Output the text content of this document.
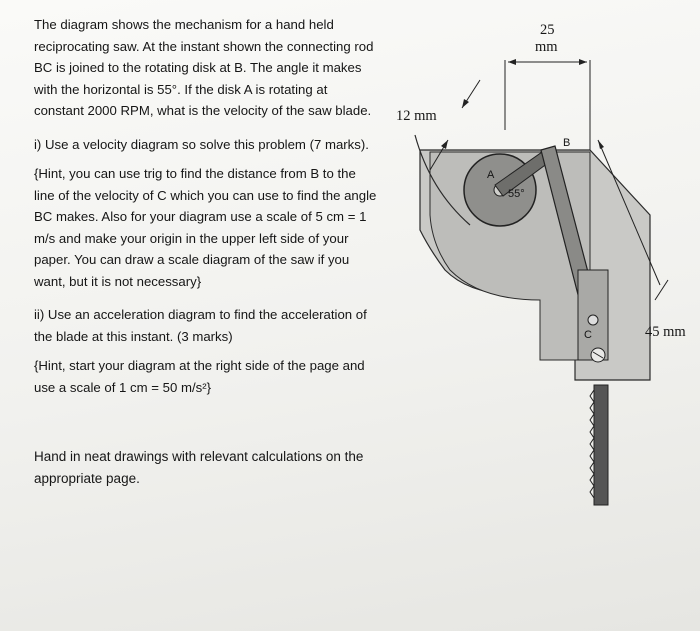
The diagram shows the mechanism for a hand held reciprocating saw. At the instant shown the connecting rod BC is joined to the rotating disk at B. The angle it makes with the horizontal is 55°. If the disk A is rotating at constant 2000 RPM, what is the velocity of the saw blade.

i) Use a velocity diagram so solve this problem (7 marks).

{Hint, you can use trig to find the distance from B to the line of the velocity of C which you can use to find the angle BC makes. Also for your diagram use a scale of 5 cm = 1 m/s and make your origin in the upper left side of your paper. You can draw a scale diagram of the saw if you want, but it is not necessary}

ii) Use an acceleration diagram to find the acceleration of the blade at this instant. (3 marks)

{Hint, start your diagram at the right side of the page and use a scale of 1 cm = 50 m/s²}

Hand in neat drawings with relevant calculations on the appropriate page.

25
mm
12 mm
45 mm
B
A
55°
C
